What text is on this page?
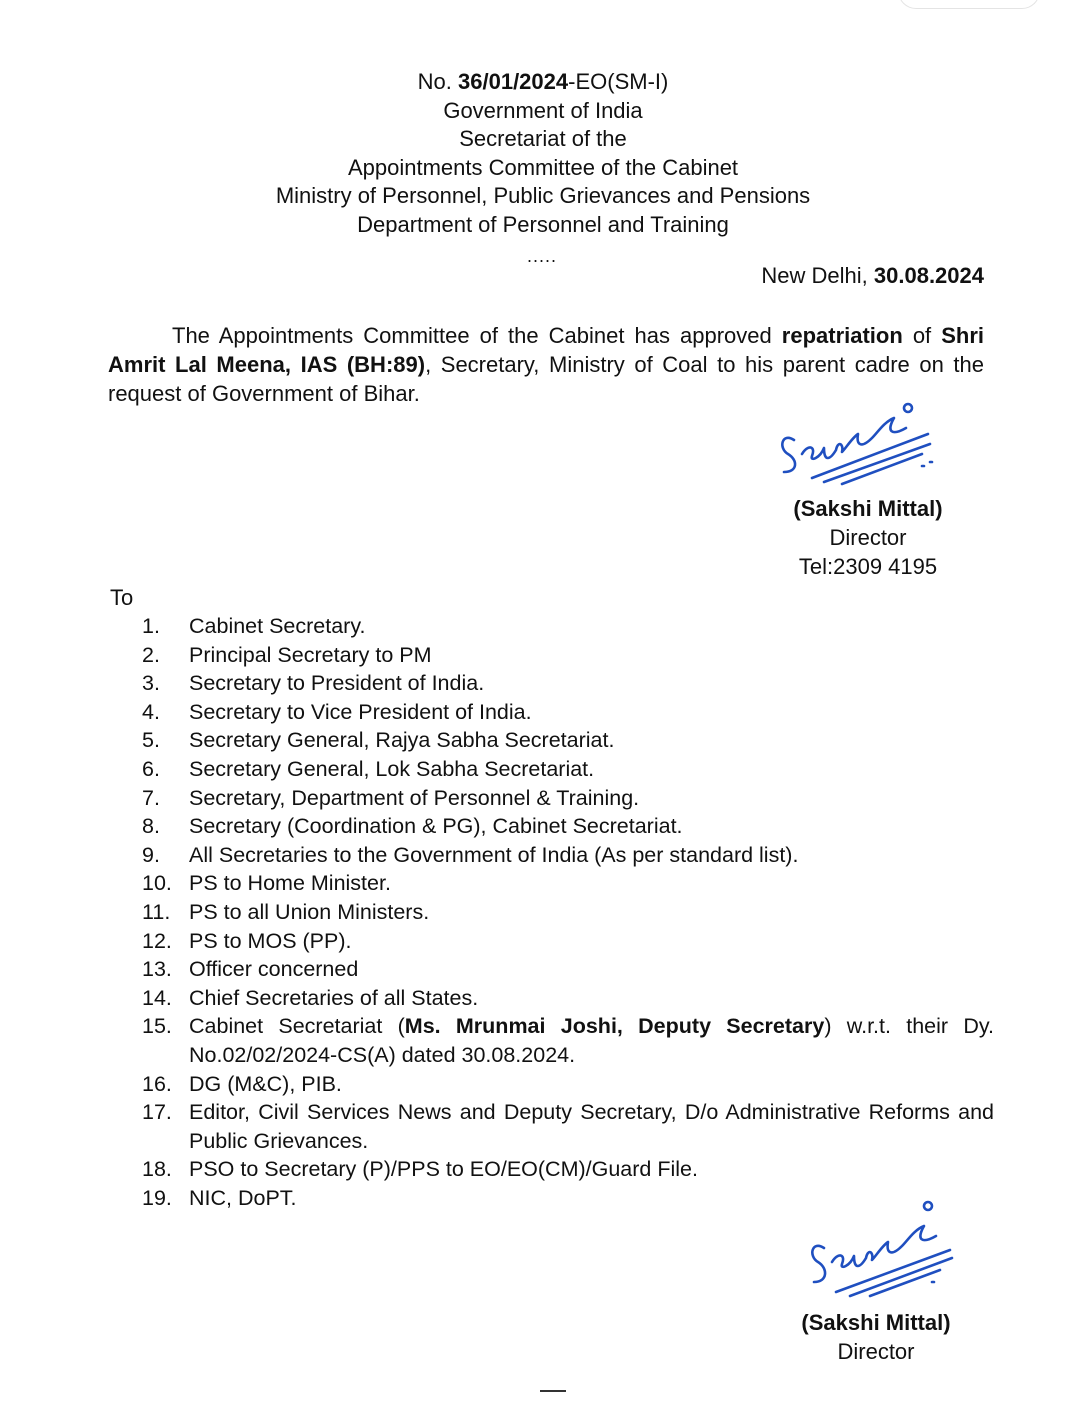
No. 36/01/2024-EO(SM-I)
Government of India
Secretariat of the
Appointments Committee of the Cabinet
Ministry of Personnel, Public Grievances and Pensions
Department of Personnel and Training
.....
New Delhi, 30.08.2024
The Appointments Committee of the Cabinet has approved repatriation of Shri Amrit Lal Meena, IAS (BH:89), Secretary, Ministry of Coal to his parent cadre on the request of Government of Bihar.
(Sakshi Mittal)
Director
Tel:2309 4195
To
1.	Cabinet Secretary.
2.	Principal Secretary to PM
3.	Secretary to President of India.
4.	Secretary to Vice President of India.
5.	Secretary General, Rajya Sabha Secretariat.
6.	Secretary General, Lok Sabha Secretariat.
7.	Secretary, Department of Personnel & Training.
8.	Secretary (Coordination & PG), Cabinet Secretariat.
9.	All Secretaries to the Government of India (As per standard list).
10. PS to Home Minister.
11. PS to all Union Ministers.
12. PS to MOS (PP).
13. Officer concerned
14. Chief Secretaries of all States.
15. Cabinet Secretariat (Ms. Mrunmai Joshi, Deputy Secretary) w.r.t. their Dy. No.02/02/2024-CS(A) dated 30.08.2024.
16. DG (M&C), PIB.
17. Editor, Civil Services News and Deputy Secretary, D/o Administrative Reforms and Public Grievances.
18. PSO to Secretary (P)/PPS to EO/EO(CM)/Guard File.
19. NIC, DoPT.
(Sakshi Mittal)
Director
